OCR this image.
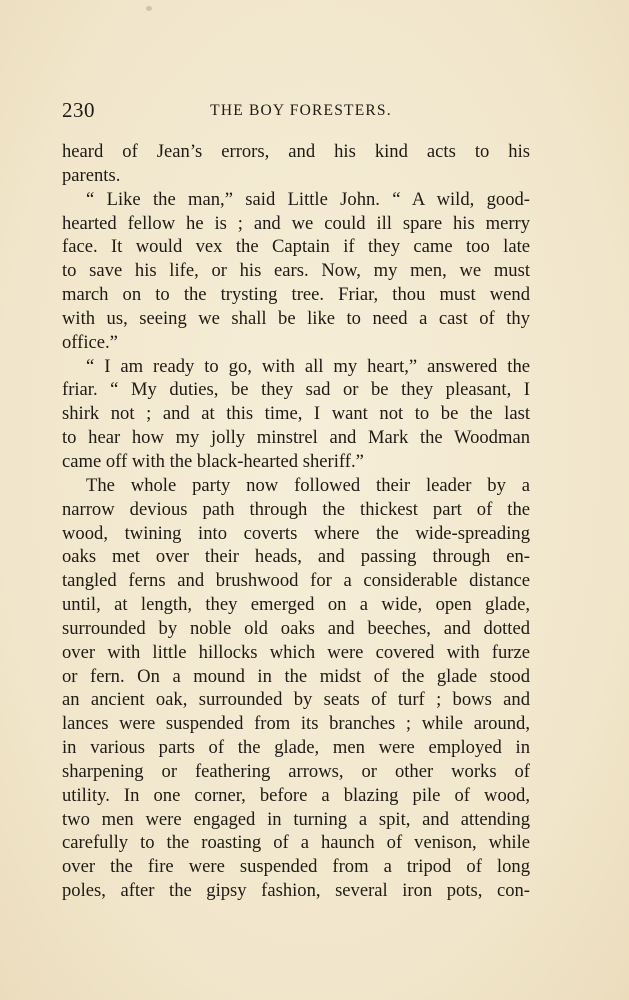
230	THE BOY FORESTERS.
heard of Jean’s errors, and his kind acts to his
parents.
“ Like the man,” said Little John. “ A wild, good-
hearted fellow he is ; and we could ill spare his merry
face. It would vex the Captain if they came too late
to save his life, or his ears. Now, my men, we must
march on to the trysting tree. Friar, thou must wend
with us, seeing we shall be like to need a cast of thy
office.”
“ I am ready to go, with all my heart,” answered the
friar. “ My duties, be they sad or be they pleasant, I
shirk not ; and at this time, I want not to be the last
to hear how my jolly minstrel and Mark the Woodman
came off with the black-hearted sheriff.”
The whole party now followed their leader by a
narrow devious path through the thickest part of the
wood, twining into coverts where the wide-spreading
oaks met over their heads, and passing through en-
tangled ferns and brushwood for a considerable distance
until, at length, they emerged on a wide, open glade,
surrounded by noble old oaks and beeches, and dotted
over with little hillocks which were covered with furze
or fern. On a mound in the midst of the glade stood
an ancient oak, surrounded by seats of turf ; bows and
lances were suspended from its branches ; while around,
in various parts of the glade, men were employed in
sharpening or feathering arrows, or other works of
utility. In one corner, before a blazing pile of wood,
two men were engaged in turning a spit, and attending
carefully to the roasting of a haunch of venison, while
over the fire were suspended from a tripod of long
poles, after the gipsy fashion, several iron pots, con-
